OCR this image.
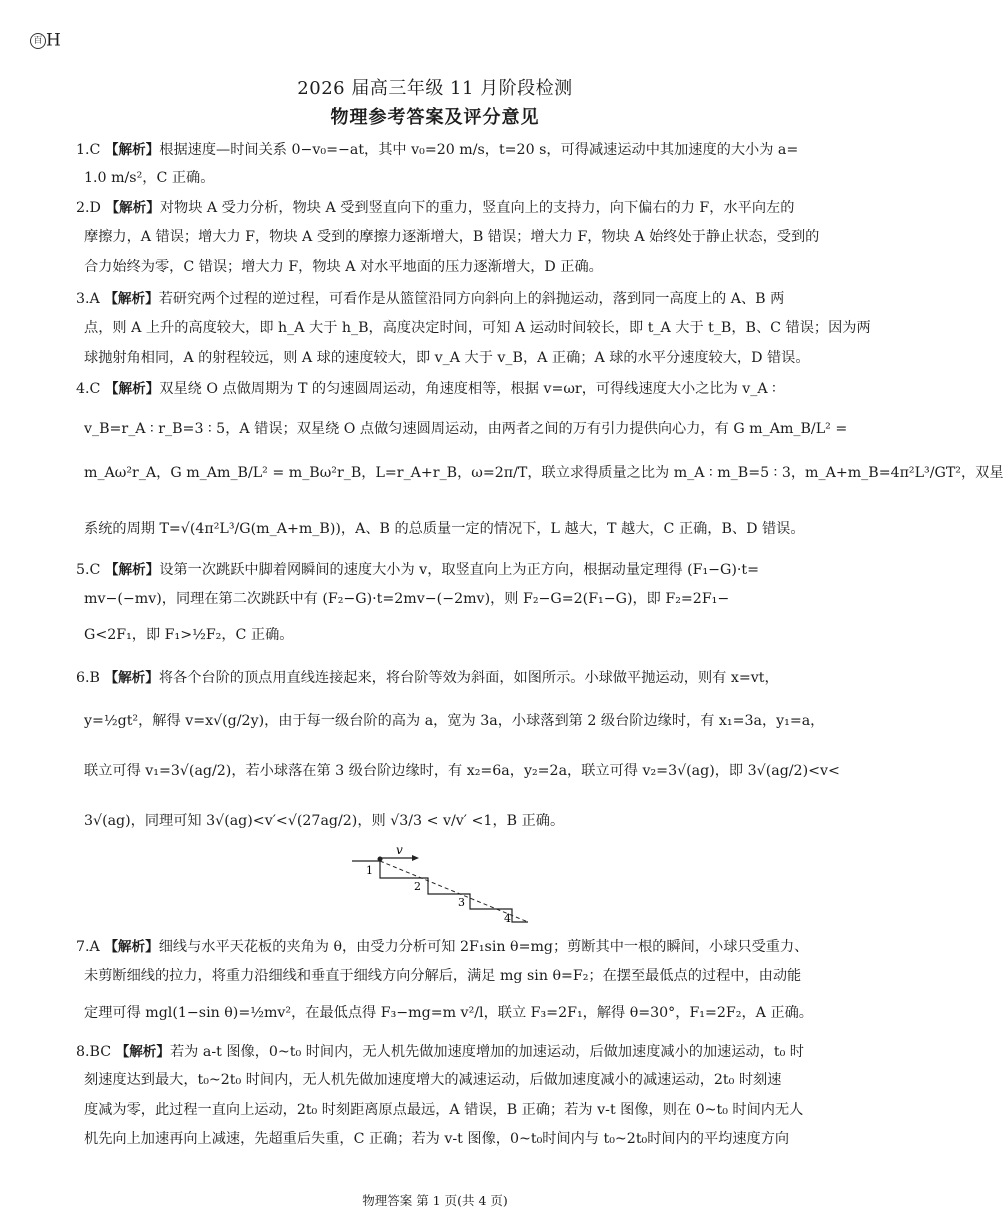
百 H
2026 届高三年级 11 月阶段检测
物理参考答案及评分意见
1.C 【解析】根据速度—时间关系 0−v₀=−at，其中 v₀=20 m/s，t=20 s，可得减速运动中其加速度的大小为 a=
1.0 m/s²，C 正确。
2.D 【解析】对物块 A 受力分析，物块 A 受到竖直向下的重力，竖直向上的支持力，向下偏右的力 F，水平向左的
摩擦力，A 错误；增大力 F，物块 A 受到的摩擦力逐渐增大，B 错误；增大力 F，物块 A 始终处于静止状态，受到的
合力始终为零，C 错误；增大力 F，物块 A 对水平地面的压力逐渐增大，D 正确。
3.A 【解析】若研究两个过程的逆过程，可看作是从篮筐沿同方向斜向上的斜抛运动，落到同一高度上的 A、B 两
点，则 A 上升的高度较大，即 h_A 大于 h_B，高度决定时间，可知 A 运动时间较长，即 t_A 大于 t_B，B、C 错误；因为两
球抛射角相同，A 的射程较远，则 A 球的速度较大，即 v_A 大于 v_B，A 正确；A 球的水平分速度较大，D 错误。
4.C 【解析】双星绕 O 点做周期为 T 的匀速圆周运动，角速度相等，根据 v=ωr，可得线速度大小之比为 v_A ∶
v_B=r_A ∶ r_B=3 ∶ 5，A 错误；双星绕 O 点做匀速圆周运动，由两者之间的万有引力提供向心力，有 G m_Am_B/L² =
m_Aω²r_A，G m_Am_B/L² = m_Bω²r_B，L=r_A+r_B，ω=2π/T，联立求得质量之比为 m_A ∶ m_B=5 ∶ 3，m_A+m_B=4π²L³/GT²，双星
系统的周期 T=√(4π²L³/G(m_A+m_B))，A、B 的总质量一定的情况下，L 越大，T 越大，C 正确，B、D 错误。
5.C 【解析】设第一次跳跃中脚着网瞬间的速度大小为 v，取竖直向上为正方向，根据动量定理得 (F₁−G)·t=
mv−(−mv)，同理在第二次跳跃中有 (F₂−G)·t=2mv−(−2mv)，则 F₂−G=2(F₁−G)，即 F₂=2F₁−
G<2F₁，即 F₁>½F₂，C 正确。
6.B 【解析】将各个台阶的顶点用直线连接起来，将台阶等效为斜面，如图所示。小球做平抛运动，则有 x=vt，
y=½gt²，解得 v=x√(g/2y)，由于每一级台阶的高为 a，宽为 3a，小球落到第 2 级台阶边缘时，有 x₁=3a，y₁=a，
联立可得 v₁=3√(ag/2)，若小球落在第 3 级台阶边缘时，有 x₂=6a，y₂=2a，联立可得 v₂=3√(ag)，即 3√(ag/2)<v<
3√(ag)，同理可知 3√(ag)<v′<√(27ag/2)，则 √3/3 < v/v′ <1，B 正确。
v
1
2
3
4
7.A 【解析】细线与水平天花板的夹角为 θ，由受力分析可知 2F₁sin θ=mg；剪断其中一根的瞬间，小球只受重力、
未剪断细线的拉力，将重力沿细线和垂直于细线方向分解后，满足 mg sin θ=F₂；在摆至最低点的过程中，由动能
定理可得 mgl(1−sin θ)=½mv²，在最低点得 F₃−mg=m v²/l，联立 F₃=2F₁，解得 θ=30°，F₁=2F₂，A 正确。
8.BC 【解析】若为 a-t 图像，0~t₀ 时间内，无人机先做加速度增加的加速运动，后做加速度减小的加速运动，t₀ 时
刻速度达到最大，t₀~2t₀ 时间内，无人机先做加速度增大的减速运动，后做加速度减小的减速运动，2t₀ 时刻速
度减为零，此过程一直向上运动，2t₀ 时刻距离原点最远，A 错误，B 正确；若为 v-t 图像，则在 0~t₀ 时间内无人
机先向上加速再向上减速，先超重后失重，C 正确；若为 v-t 图像，0~t₀时间内与 t₀~2t₀时间内的平均速度方向
物理答案 第 1 页(共 4 页)
